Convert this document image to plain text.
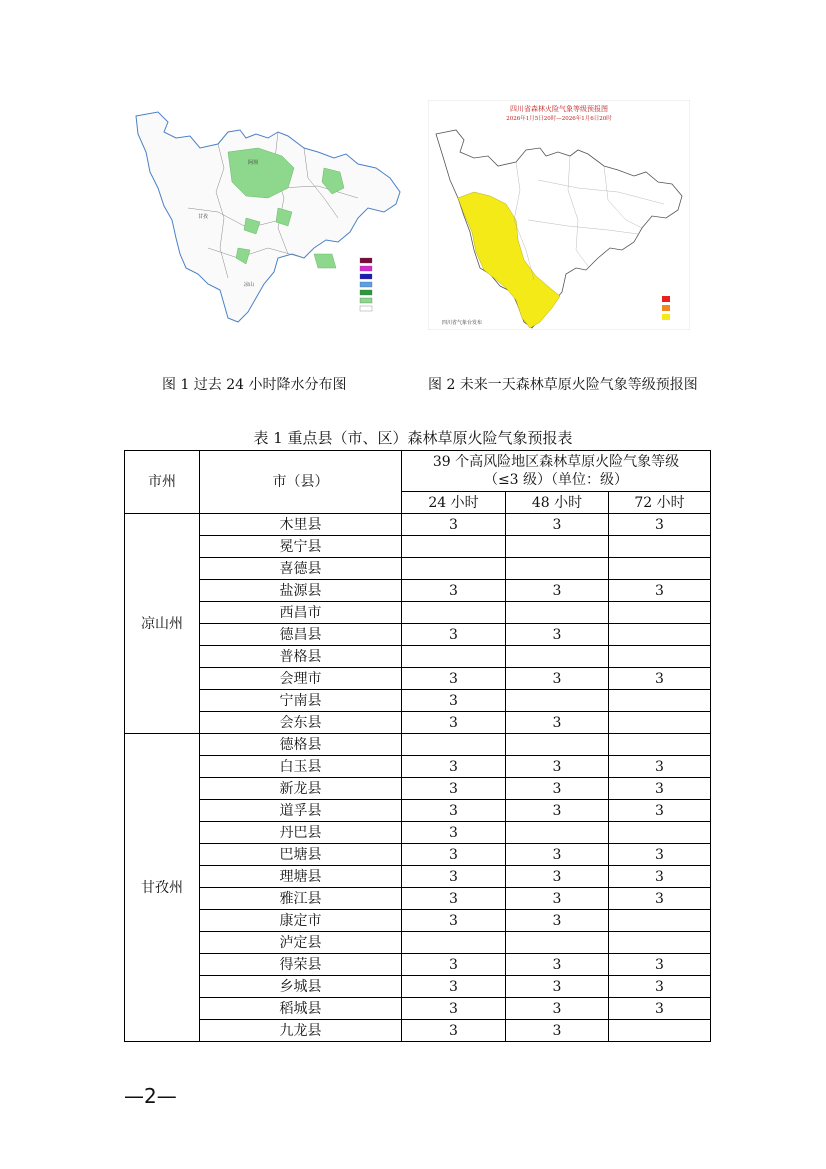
阿坝
甘孜
凉山
四川省森林火险气象等级预报图
2026年1月5日20时—2026年1月6日20时
四川省气象台发布
图 1 过去 24 小时降水分布图	图 2 未来一天森林草原火险气象等级预报图
表 1 重点县（市、区）森林草原火险气象预报表
市州	市（县）	39 个高风险地区森林草原火险气象等级
（≤3 级）（单位：级）		
		24 小时	48 小时	72 小时
凉山州	木里县	3	3	3
	冕宁县			
	喜德县			
	盐源县	3	3	3
	西昌市			
	德昌县	3	3	
	普格县			
	会理市	3	3	3
	宁南县	3		
	会东县	3	3	
甘孜州	德格县			
	白玉县	3	3	3
	新龙县	3	3	3
	道孚县	3	3	3
	丹巴县	3		
	巴塘县	3	3	3
	理塘县	3	3	3
	雅江县	3	3	3
	康定市	3	3	
	泸定县			
	得荣县	3	3	3
	乡城县	3	3	3
	稻城县	3	3	3
	九龙县	3	3	
—2—
